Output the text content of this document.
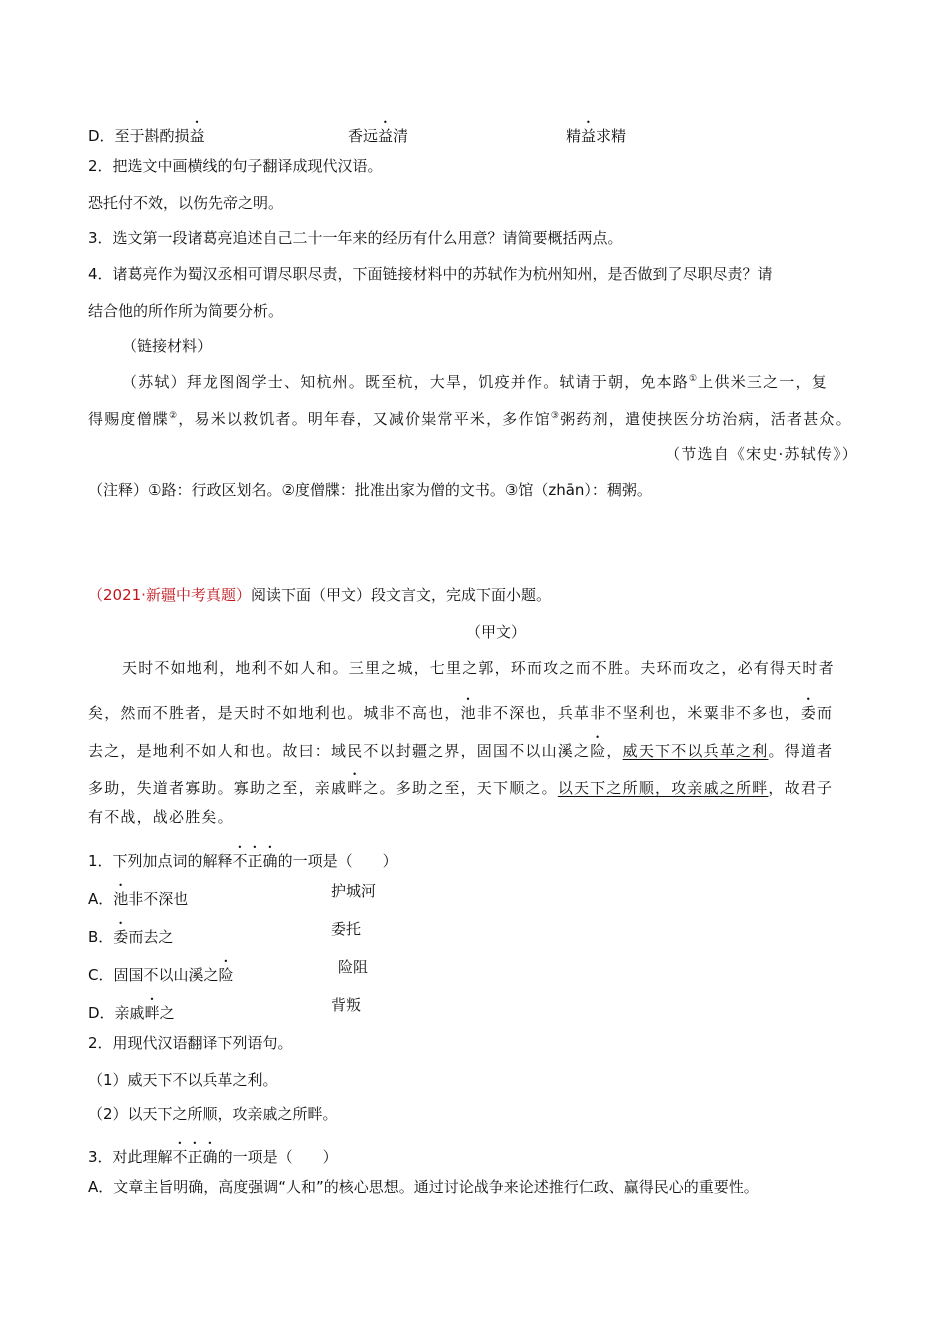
D．至于斟酌损益	香远益清	精益求精
2．把选文中画横线的句子翻译成现代汉语。
恐托付不效，以伤先帝之明。
3．选文第一段诸葛亮追述自己二十一年来的经历有什么用意？请简要概括两点。
4．诸葛亮作为蜀汉丞相可谓尽职尽责，下面链接材料中的苏轼作为杭州知州，是否做到了尽职尽责？请
结合他的所作所为简要分析。
（链接材料）
（苏轼）拜龙图阁学士、知杭州。既至杭，大旱，饥疫并作。轼请于朝，免本路①上供米三之一，复
得赐度僧牒②，易米以救饥者。明年春，又减价粜常平米，多作馆③粥药剂，遣使挟医分坊治病，活者甚众。
（节选自《宋史·苏轼传》）
（注释）①路：行政区划名。②度僧牒：批准出家为僧的文书。③馆（zhān）：稠粥。
（2021·新疆中考真题）阅读下面（甲文）段文言文，完成下面小题。
（甲文）
天时不如地利，地利不如人和。三里之城，七里之郭，环而攻之而不胜。夫环而攻之，必有得天时者
矣，然而不胜者，是天时不如地利也。城非不高也，池非不深也，兵革非不坚利也，米粟非不多也，委而
去之，是地利不如人和也。故曰：域民不以封疆之界，固国不以山溪之险，威天下不以兵革之利。得道者
多助，失道者寡助。寡助之至，亲戚畔之。多助之至，天下顺之。以天下之所顺，攻亲戚之所畔，故君子
有不战，战必胜矣。
1．下列加点词的解释不正确的一项是（　　）
A．池非不深也	护城河
B．委而去之	委托
C．固国不以山溪之险	险阻
D．亲戚畔之	背叛
2．用现代汉语翻译下列语句。
（1）威天下不以兵革之利。
（2）以天下之所顺，攻亲戚之所畔。
3．对此理解不正确的一项是（　　）
A．文章主旨明确，高度强调“人和”的核心思想。通过讨论战争来论述推行仁政、赢得民心的重要性。
